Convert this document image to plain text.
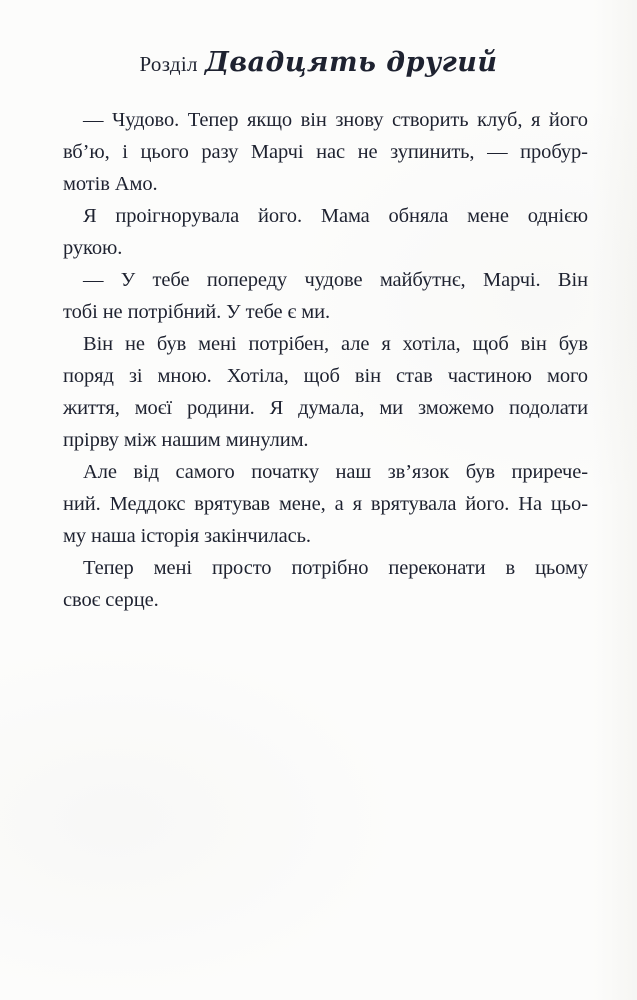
Розділ Двадцять другий
— Чудово. Тепер якщо він знову створить клуб, я його
вб’ю, і цього разу Марчі нас не зупинить, — пробур-
мотів Амо.
Я проігнорувала його. Мама обняла мене однією
рукою.
— У тебе попереду чудове майбутнє, Марчі. Він
тобі не потрібний. У тебе є ми.
Він не був мені потрібен, але я хотіла, щоб він був
поряд зі мною. Хотіла, щоб він став частиною мого
життя, моєї родини. Я думала, ми зможемо подолати
прірву між нашим минулим.
Але від самого початку наш зв’язок був прирече-
ний. Меддокс врятував мене, а я врятувала його. На цьо-
му наша історія закінчилась.
Тепер мені просто потрібно переконати в цьому
своє серце.
